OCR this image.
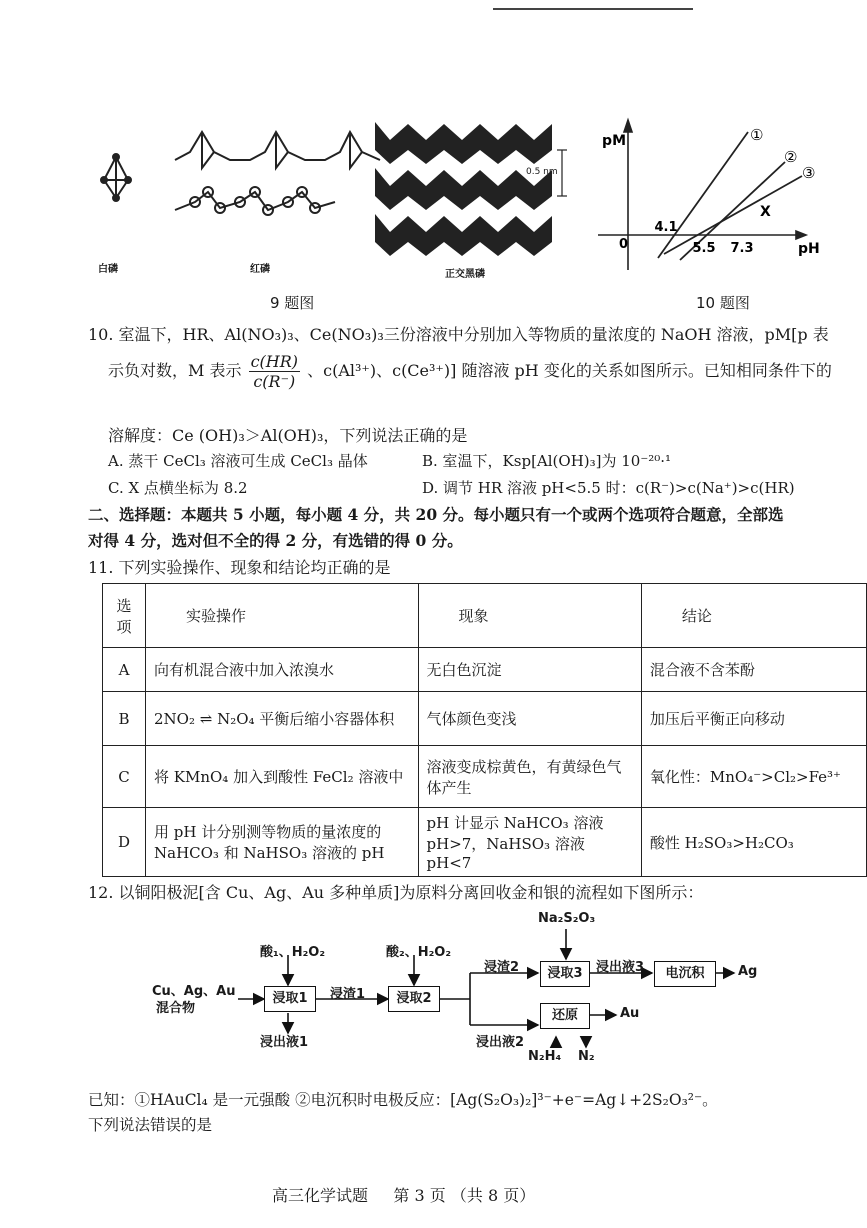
0.5 nm
白磷	红磷	正交黑磷
9 题图
pM
pH
0
4.1
5.5 7.3
①
②
③
X
10 题图
10. 室温下，HR、Al(NO₃)₃、Ce(NO₃)₃三份溶液中分别加入等物质的量浓度的 NaOH 溶液，pM[p 表
示负对数，M 表示 $\frac{c(HR)}{c(R^-)}$ 、c(Al³⁺)、c(Ce³⁺)] 随溶液 pH 变化的关系如图所示。已知相同条件下的
溶解度：Ce (OH)₃＞Al(OH)₃，下列说法正确的是
A. 蒸干 CeCl₃ 溶液可生成 CeCl₃ 晶体	B. 室温下，Ksp[Al(OH)₃]为 10⁻²⁰·¹
C. X 点横坐标为 8.2	D. 调节 HR 溶液 pH<5.5 时：c(R⁻)>c(Na⁺)>c(HR)
二、选择题：本题共 5 小题，每小题 4 分，共 20 分。每小题只有一个或两个选项符合题意，全部选
对得 4 分，选对但不全的得 2 分，有选错的得 0 分。
11. 下列实验操作、现象和结论均正确的是
选项	实验操作	现象	结论
A	向有机混合液中加入浓溴水	无白色沉淀	混合液不含苯酚
B	2NO₂ ⇌ N₂O₄ 平衡后缩小容器体积	气体颜色变浅	加压后平衡正向移动
C	将 KMnO₄ 加入到酸性 FeCl₂ 溶液中	溶液变成棕黄色，有黄绿色气体产生	氧化性：MnO₄⁻>Cl₂>Fe³⁺
D	用 pH 计分别测等物质的量浓度的 NaHCO₃ 和 NaHSO₃ 溶液的 pH	pH 计显示 NaHCO₃ 溶液 pH>7，NaHSO₃ 溶液 pH<7	酸性 H₂SO₃>H₂CO₃
12. 以铜阳极泥[含 Cu、Ag、Au 多种单质]为原料分离回收金和银的流程如下图所示：
Cu、Ag、Au
混合物
酸₁、H₂O₂
浸取1
浸出液1
浸渣1
酸₂、H₂O₂
浸取2
浸渣2
Na₂S₂O₃
浸取3	浸出液3	电沉积	Ag
浸出液2
还原	Au
N₂H₄ N₂
已知：①HAuCl₄ 是一元强酸 ②电沉积时电极反应：[Ag(S₂O₃)₂]³⁻+e⁻=Ag↓+2S₂O₃²⁻。
下列说法错误的是
高三化学试题     第 3 页 （共 8 页）
